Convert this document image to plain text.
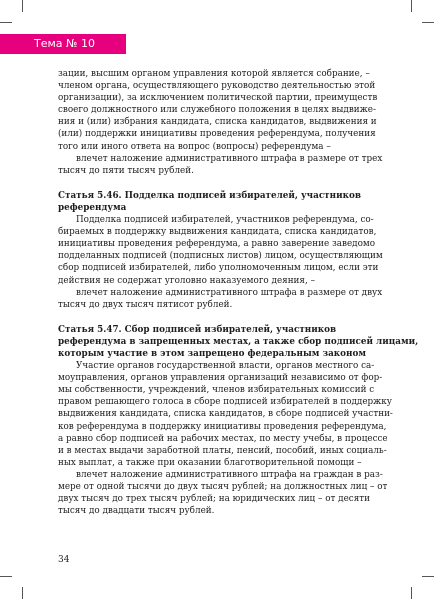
Тема № 10
зации, высшим органом управления которой является собрание, –
членом органа, осуществляющего руководство деятельностью этой
организации), за исключением политической партии, преимуществ
своего должностного или служебного положения в целях выдвиже-
ния и (или) избрания кандидата, списка кандидатов, выдвижения и
(или) поддержки инициативы проведения референдума, получения
того или иного ответа на вопрос (вопросы) референдума –
влечет наложение административного штрафа в размере от трех
тысяч до пяти тысяч рублей.
Статья 5.46. Подделка подписей избирателей, участников
референдума
Подделка подписей избирателей, участников референдума, со-
бираемых в поддержку выдвижения кандидата, списка кандидатов,
инициативы проведения референдума, а равно заверение заведомо
подделанных подписей (подписных листов) лицом, осуществляющим
сбор подписей избирателей, либо уполномоченным лицом, если эти
действия не содержат уголовно наказуемого деяния, –
влечет наложение административного штрафа в размере от двух
тысяч до двух тысяч пятисот рублей.
Статья 5.47. Сбор подписей избирателей, участников
референдума в запрещенных местах, а также сбор подписей лицами,
которым участие в этом запрещено федеральным законом
Участие органов государственной власти, органов местного са-
моуправления, органов управления организаций независимо от фор-
мы собственности, учреждений, членов избирательных комиссий с
правом решающего голоса в сборе подписей избирателей в поддержку
выдвижения кандидата, списка кандидатов, в сборе подписей участни-
ков референдума в поддержку инициативы проведения референдума,
а равно сбор подписей на рабочих местах, по месту учебы, в процессе
и в местах выдачи заработной платы, пенсий, пособий, иных социаль-
ных выплат, а также при оказании благотворительной помощи –
влечет наложение административного штрафа на граждан в раз-
мере от одной тысячи до двух тысяч рублей; на должностных лиц – от
двух тысяч до трех тысяч рублей; на юридических лиц – от десяти
тысяч до двадцати тысяч рублей.
34
